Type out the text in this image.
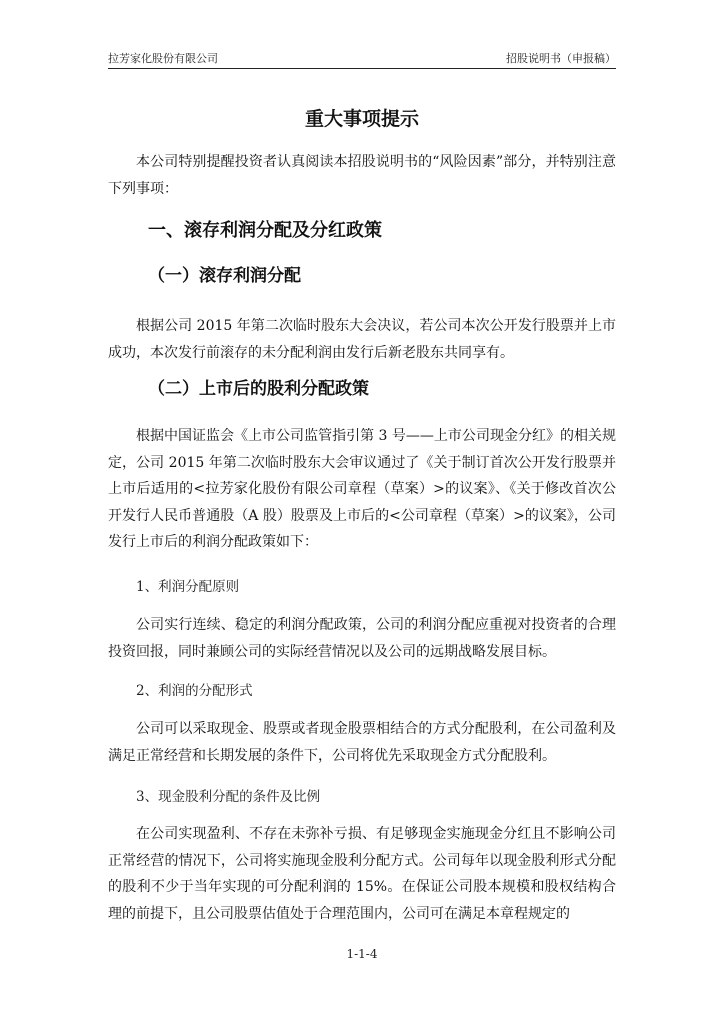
拉芳家化股份有限公司	招股说明书（申报稿）
重大事项提示

本公司特别提醒投资者认真阅读本招股说明书的“风险因素”部分，并特别注意下列事项：

一、滚存利润分配及分红政策
（一）滚存利润分配

根据公司 2015 年第二次临时股东大会决议，若公司本次公开发行股票并上市成功，本次发行前滚存的未分配利润由发行后新老股东共同享有。

（二）上市后的股利分配政策

根据中国证监会《上市公司监管指引第 3 号——上市公司现金分红》的相关规定，公司 2015 年第二次临时股东大会审议通过了《关于制订首次公开发行股票并上市后适用的<拉芳家化股份有限公司章程（草案）>的议案》、《关于修改首次公开发行人民币普通股（A 股）股票及上市后的<公司章程（草案）>的议案》，公司发行上市后的利润分配政策如下：

1、利润分配原则

公司实行连续、稳定的利润分配政策，公司的利润分配应重视对投资者的合理投资回报，同时兼顾公司的实际经营情况以及公司的远期战略发展目标。

2、利润的分配形式

公司可以采取现金、股票或者现金股票相结合的方式分配股利，在公司盈利及满足正常经营和长期发展的条件下，公司将优先采取现金方式分配股利。

3、现金股利分配的条件及比例

在公司实现盈利、不存在未弥补亏损、有足够现金实施现金分红且不影响公司正常经营的情况下，公司将实施现金股利分配方式。公司每年以现金股利形式分配的股利不少于当年实现的可分配利润的 15%。在保证公司股本规模和股权结构合理的前提下，且公司股票估值处于合理范围内，公司可在满足本章程规定的

1-1-4
